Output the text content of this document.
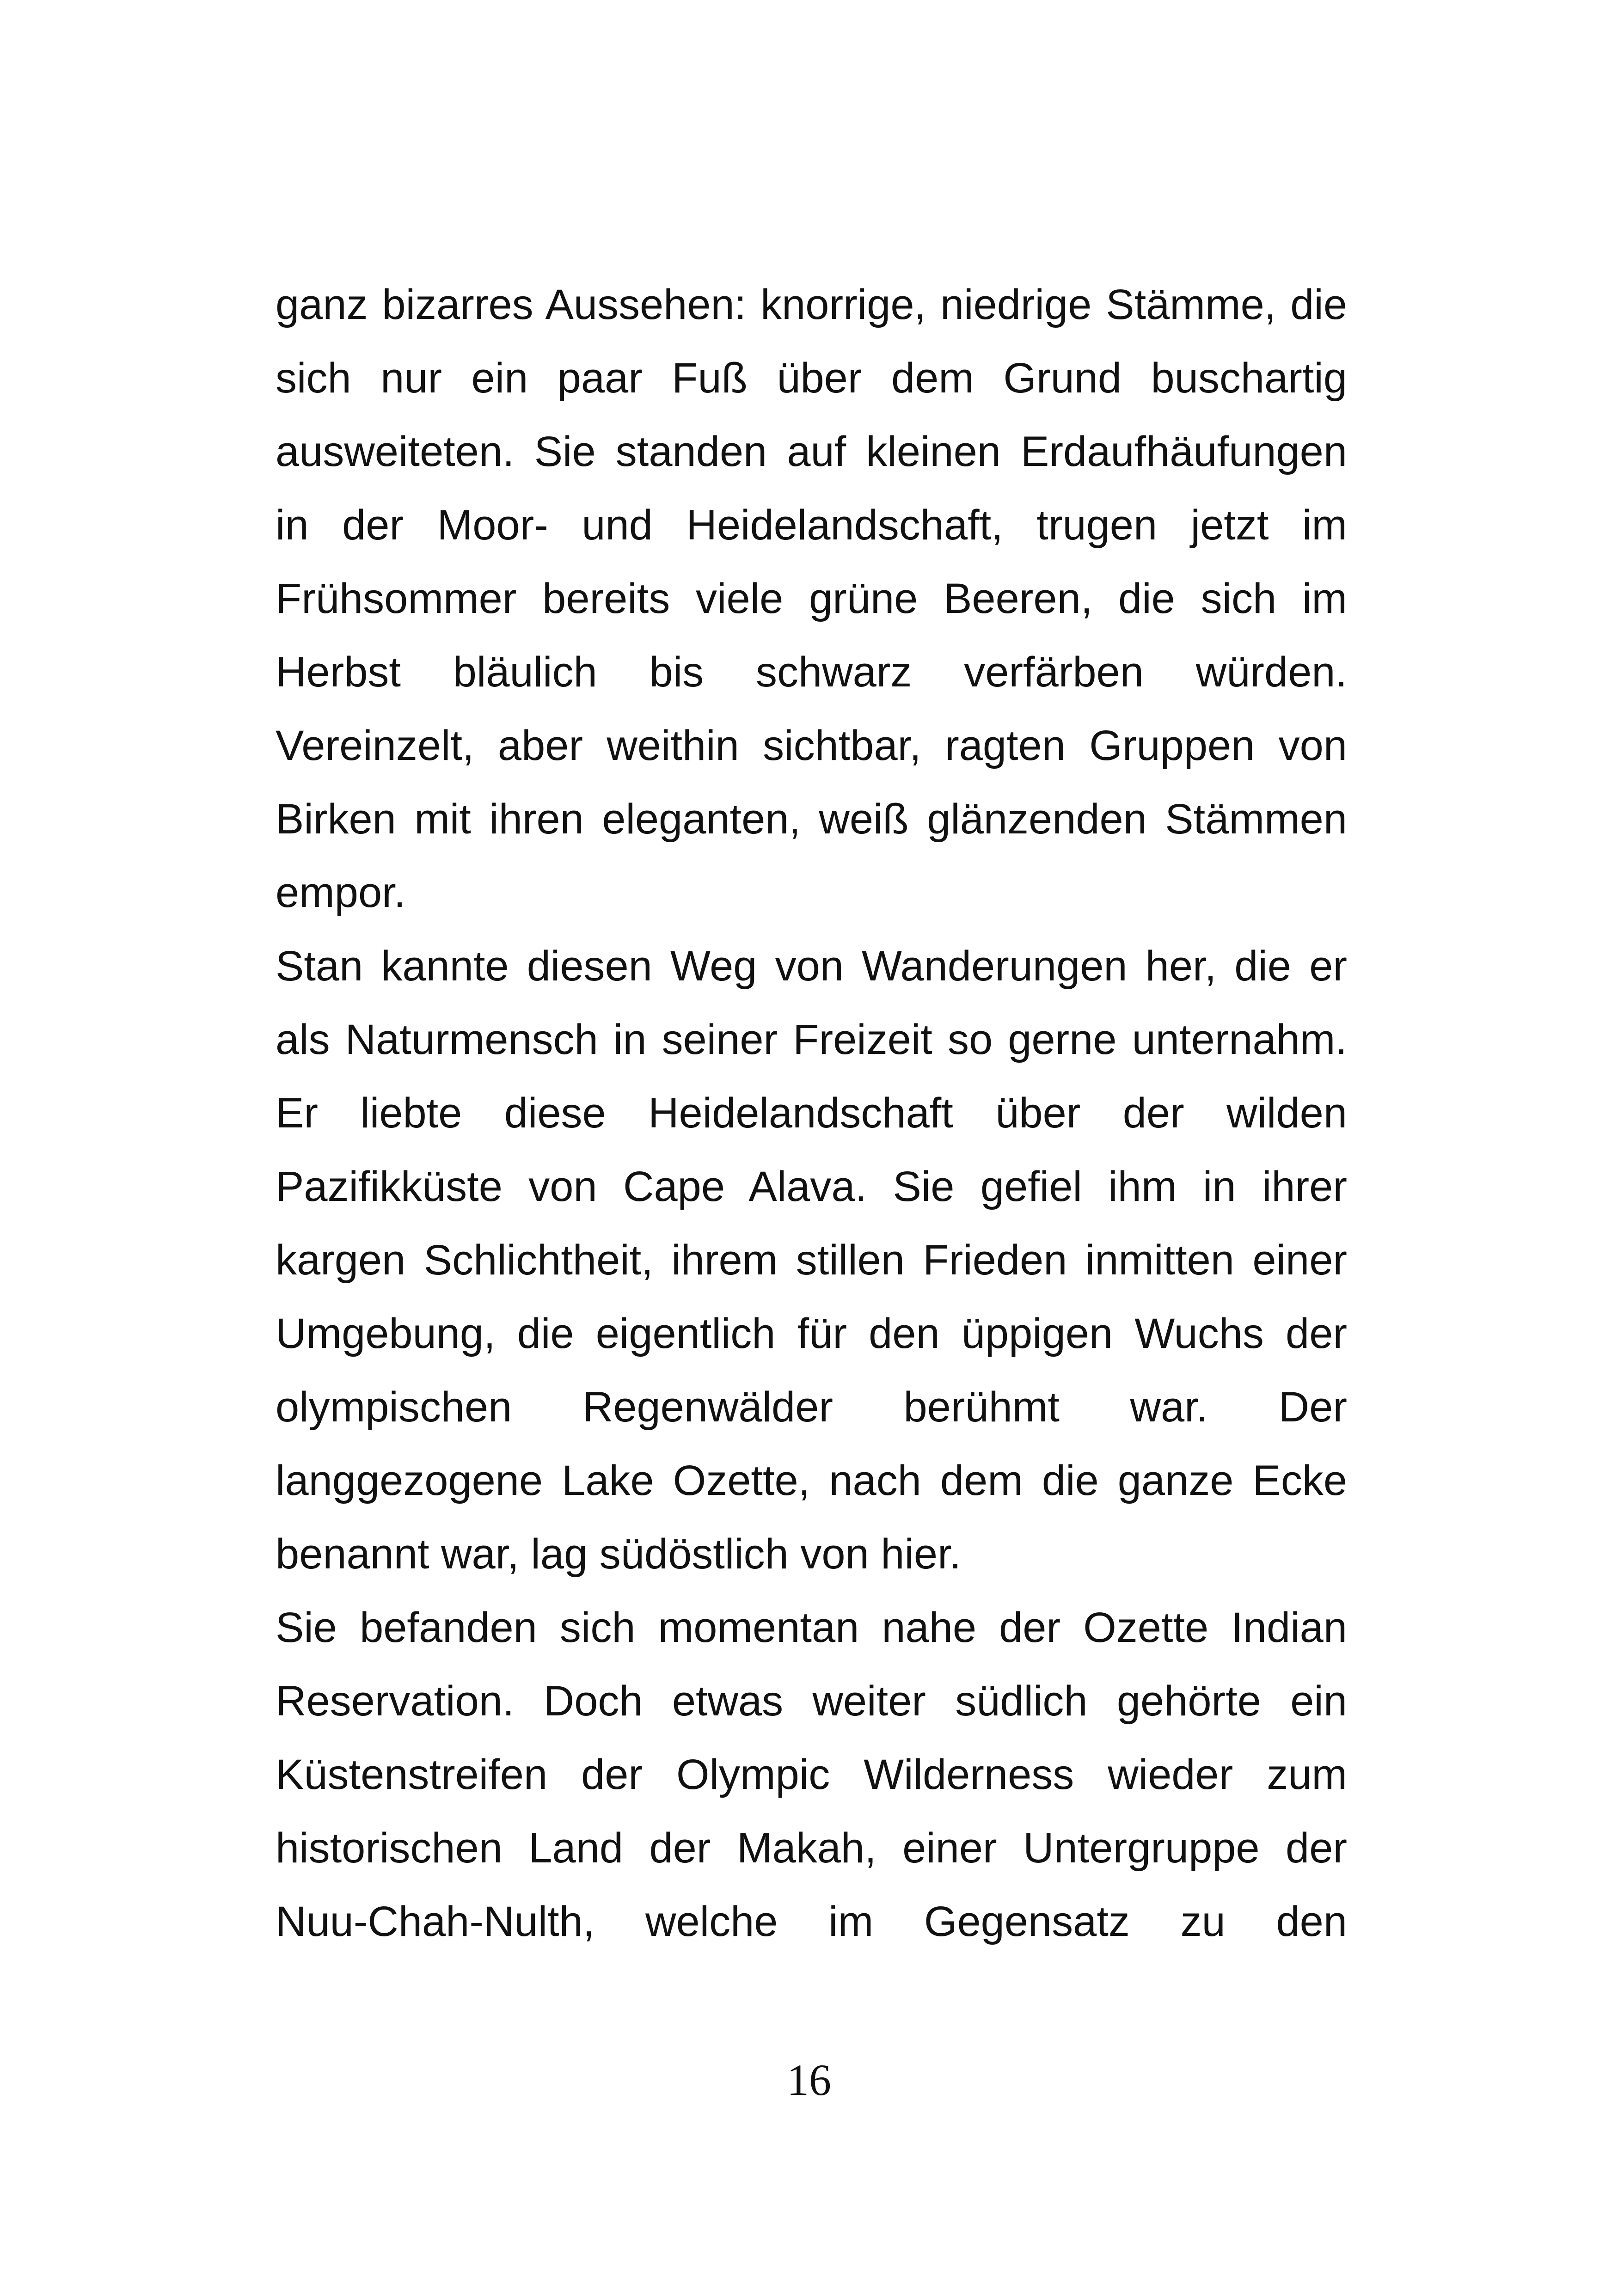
ganz bizarres Aussehen: knorrige, niedrige Stämme, die sich nur ein paar Fuß über dem Grund buschartig ausweiteten. Sie standen auf kleinen Erdaufhäufungen in der Moor- und Heidelandschaft, trugen jetzt im Frühsommer bereits viele grüne Beeren, die sich im Herbst bläulich bis schwarz verfärben würden. Vereinzelt, aber weithin sichtbar, ragten Gruppen von Birken mit ihren eleganten, weiß glänzenden Stämmen empor.

Stan kannte diesen Weg von Wanderungen her, die er als Naturmensch in seiner Freizeit so gerne unternahm. Er liebte diese Heidelandschaft über der wilden Pazifikküste von Cape Alava. Sie gefiel ihm in ihrer kargen Schlichtheit, ihrem stillen Frieden inmitten einer Umgebung, die eigentlich für den üppigen Wuchs der olympischen Regenwälder berühmt war. Der langgezogene Lake Ozette, nach dem die ganze Ecke benannt war, lag südöstlich von hier.

Sie befanden sich momentan nahe der Ozette Indian Reservation. Doch etwas weiter südlich gehörte ein Küstenstreifen der Olympic Wilderness wieder zum historischen Land der Makah, einer Untergruppe der Nuu-Chah-Nulth, welche im Gegensatz zu den

16
